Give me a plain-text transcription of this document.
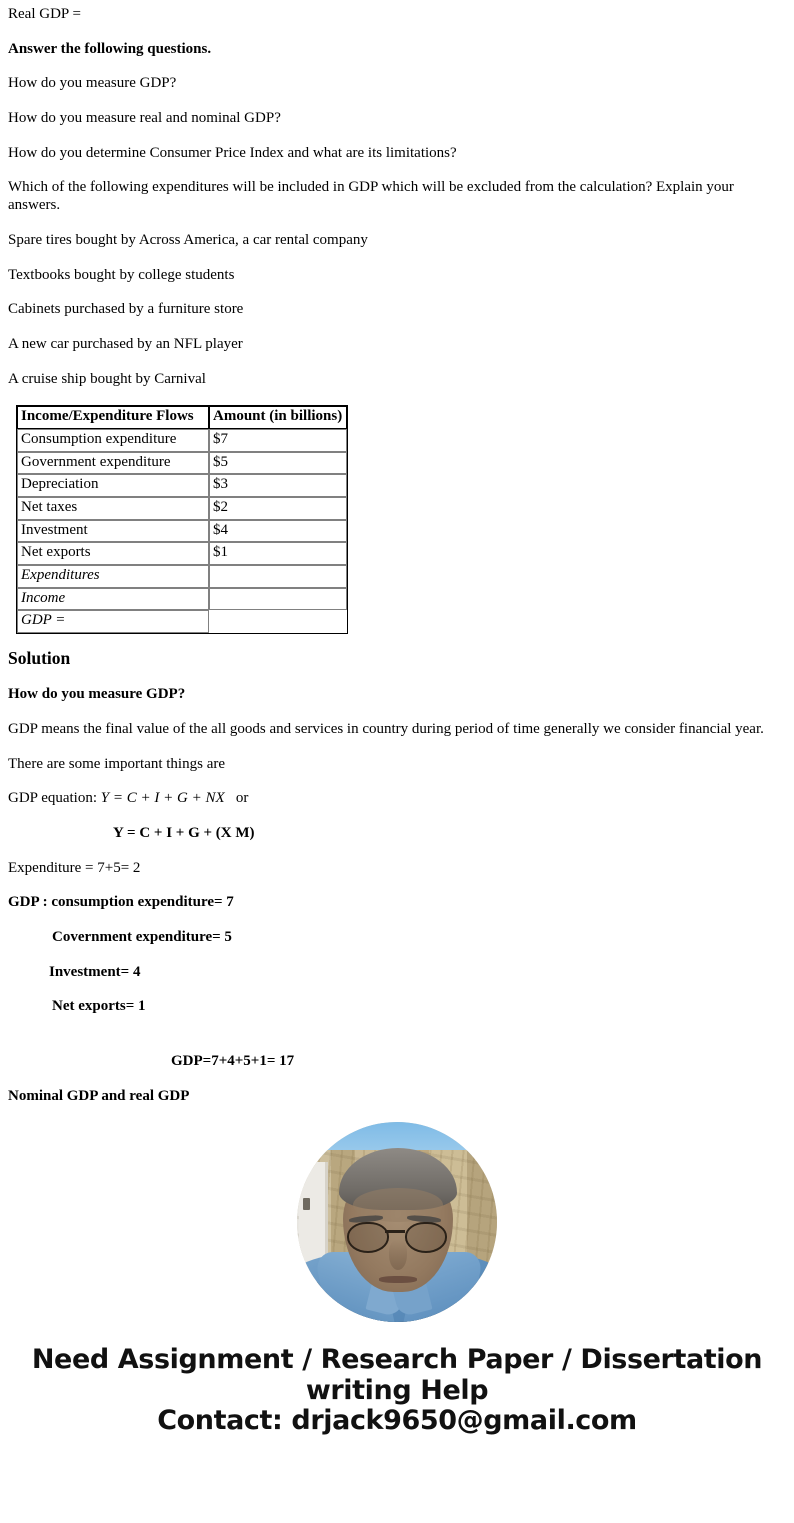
Real GDP =

Answer the following questions.

How do you measure GDP?

How do you measure real and nominal GDP?

How do you determine Consumer Price Index and what are its limitations?

Which of the following expenditures will be included in GDP which will be excluded from the calculation? Explain your answers.

Spare tires bought by Across America, a car rental company

Textbooks bought by college students

Cabinets purchased by a furniture store

A new car purchased by an NFL player

A cruise ship bought by Carnival

Income/Expenditure Flows	Amount (in billions)
Consumption expenditure	$7
Government expenditure	$5
Depreciation	$3
Net taxes	$2
Investment	$4
Net exports	$1
Expenditures	
Income	
GDP =	
Solution

How do you measure GDP?

GDP means the final value of the all goods and services in country during period of time generally we consider financial year.

There are some important things are

GDP equation: Y = C + I + G + NX or

Y = C + I + G + (X M)

Expenditure = 7+5= 2

GDP : consumption expenditure= 7

Covernment expenditure= 5

Investment= 4

Net exports= 1

GDP=7+4+5+1= 17

Nominal GDP and real GDP

Need Assignment / Research Paper / Dissertation

writing Help

Contact: drjack9650@gmail.com
